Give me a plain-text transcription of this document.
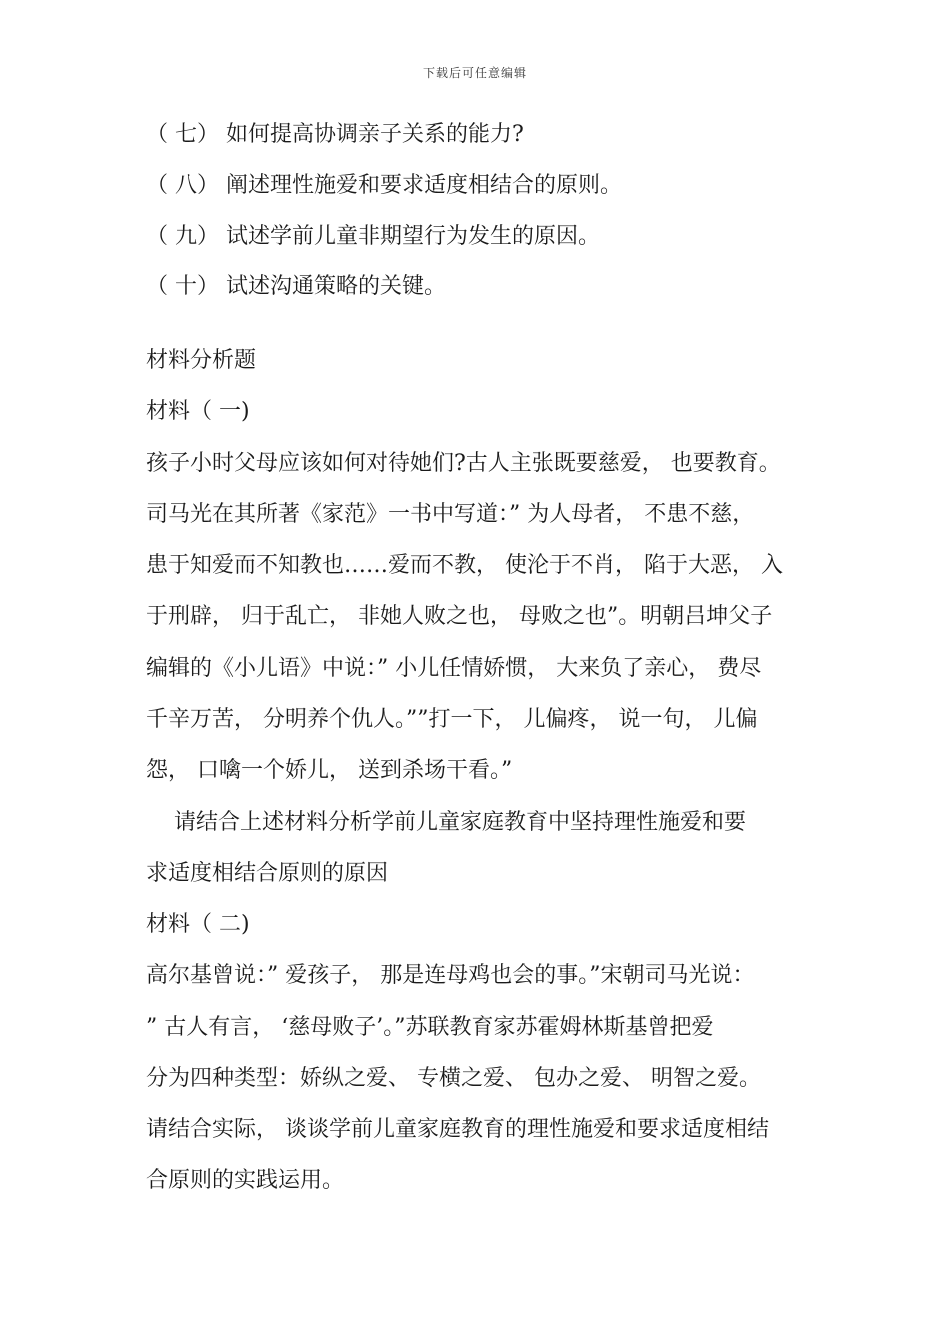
下载后可任意编辑
（ 七） 如何提高协调亲子关系的能力?
（ 八） 阐述理性施爱和要求适度相结合的原则。
（ 九） 试述学前儿童非期望行为发生的原因。
（ 十） 试述沟通策略的关键。
材料分析题
材料（ 一)
孩子小时父母应该如何对待她们?古人主张既要慈爱， 也要教育。
司马光在其所著《家范》一书中写道：” 为人母者， 不患不慈，
患于知爱而不知教也……爱而不教， 使沦于不肖， 陷于大恶， 入
于刑辟， 归于乱亡， 非她人败之也， 母败之也”。明朝吕坤父子
编辑的《小儿语》中说：” 小儿任情娇惯， 大来负了亲心， 费尽
千辛万苦， 分明养个仇人。””打一下， 儿偏疼， 说一句， 儿偏
怨， 口噙一个娇儿， 送到杀场干看。”
请结合上述材料分析学前儿童家庭教育中坚持理性施爱和要
求适度相结合原则的原因
材料（ 二)
高尔基曾说：” 爱孩子， 那是连母鸡也会的事。”宋朝司马光说：
” 古人有言， ‘慈母败子’。”苏联教育家苏霍姆林斯基曾把爱
分为四种类型：娇纵之爱、 专横之爱、 包办之爱、 明智之爱。
请结合实际， 谈谈学前儿童家庭教育的理性施爱和要求适度相结
合原则的实践运用。
